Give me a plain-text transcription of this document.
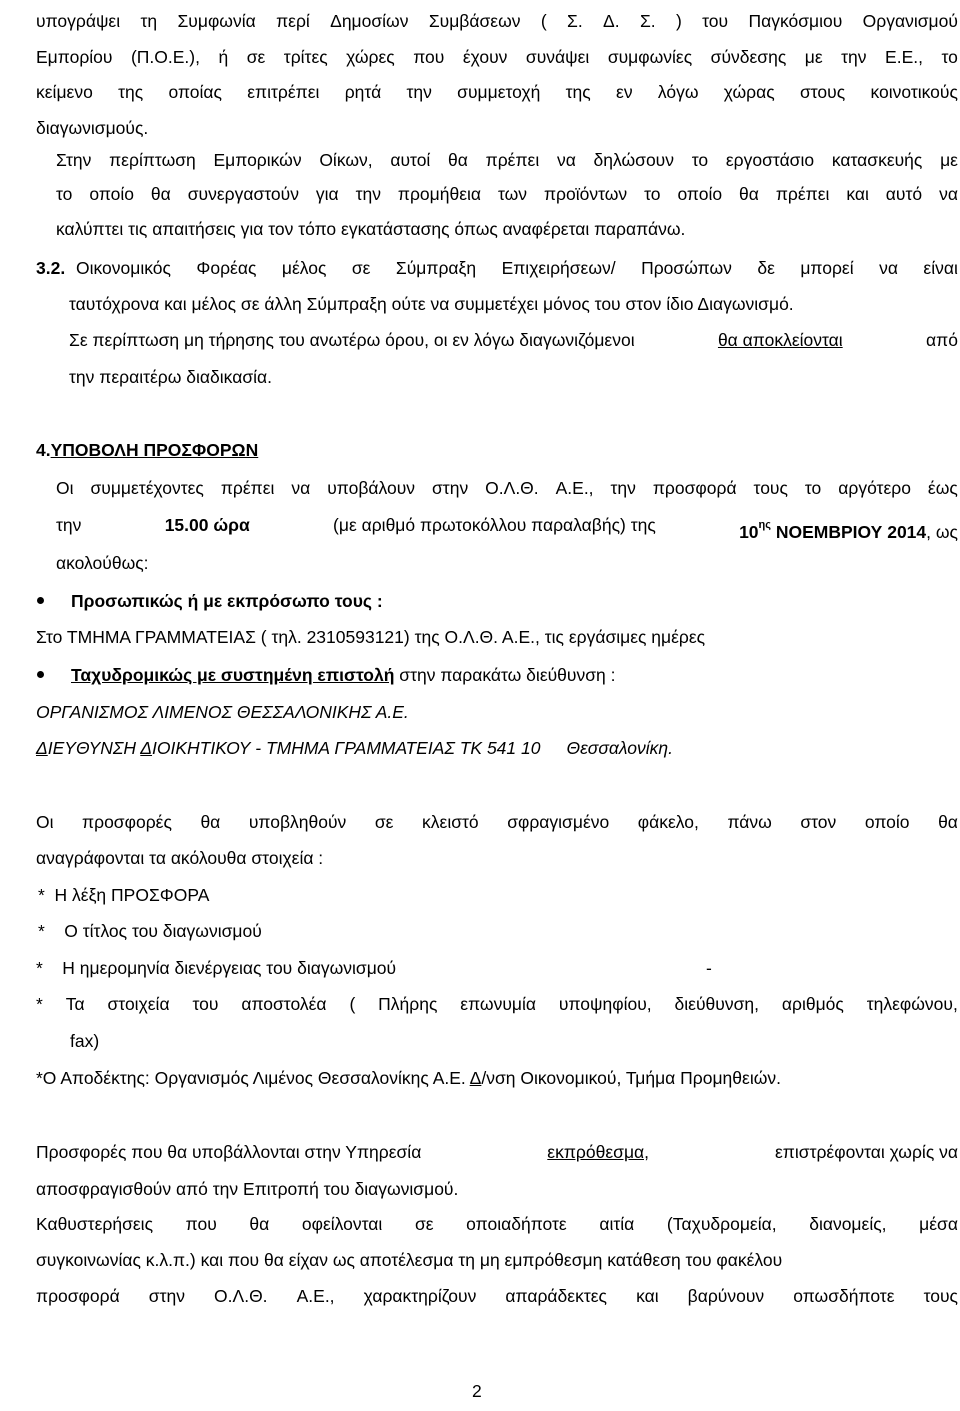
υπογράψει τη Συμφωνία περί Δημοσίων Συμβάσεων ( Σ. Δ. Σ. ) του Παγκόσμιου Οργανισμού
Εμπορίου (Π.Ο.Ε.), ή σε τρίτες χώρες που έχουν συνάψει συμφωνίες σύνδεσης με την Ε.Ε., το
κείμενο της οποίας επιτρέπει ρητά την συμμετοχή της εν λόγω χώρας στους κοινοτικούς
διαγωνισμούς.
Στην περίπτωση Εμπορικών Οίκων, αυτοί θα πρέπει να δηλώσουν το εργοστάσιο κατασκευής με
το οποίο θα συνεργαστούν για την προμήθεια των προϊόντων το οποίο θα πρέπει και αυτό να
καλύπτει τις απαιτήσεις για τον τόπο εγκατάστασης όπως αναφέρεται παραπάνω.
3.2. Οικονομικός Φορέας μέλος σε Σύμπραξη Επιχειρήσεων/ Προσώπων δε μπορεί να είναι
ταυτόχρονα και μέλος σε άλλη Σύμπραξη ούτε να συμμετέχει μόνος του στον ίδιο Διαγωνισμό.
Σε περίπτωση μη τήρησης του ανωτέρω όρου, οι εν λόγω διαγωνιζόμενοι	θα αποκλείονται	από
την περαιτέρω διαδικασία.
4.ΥΠΟΒΟΛΗ ΠΡΟΣΦΟΡΩΝ
Οι συμμετέχοντες πρέπει να υποβάλουν στην Ο.Λ.Θ. Α.Ε., την προσφορά τους το αργότερο έως
την	15.00 ώρα	(με αριθμό πρωτοκόλλου παραλαβής) της	$10^{\eta\varsigma}$ ΝΟΕΜΒΡΙΟΥ 2014, ως
ακολούθως:
Προσωπικώς ή με εκπρόσωπο τους :
Στο ΤΜΗΜΑ ΓΡΑΜΜΑΤΕΙΑΣ ( τηλ. 2310593121) της Ο.Λ.Θ. Α.Ε., τις εργάσιμες ημέρες
Ταχυδρομικώς με συστημένη επιστολή στην παρακάτω διεύθυνση :
ΟΡΓΑΝΙΣΜΟΣ ΛΙΜΕΝΟΣ ΘΕΣΣΑΛΟΝΙΚΗΣ Α.Ε.
ΔΙΕΥΘΥΝΣΗ ΔΙΟΙΚΗΤΙΚΟΥ - ΤΜΗΜΑ ΓΡΑΜΜΑΤΕΙΑΣ ΤΚ 541 10 Θεσσαλονίκη.
Οι προσφορές θα υποβληθούν σε κλειστό σφραγισμένο φάκελο, πάνω στον οποίο θα
αναγράφονται τα ακόλουθα στοιχεία :
*  Η λέξη ΠΡΟΣΦΟΡΑ
*    Ο τίτλος του διαγωνισμού
*    Η ημερομηνία διενέργειας του διαγωνισμού	-
* Τα στοιχεία του αποστολέα ( Πλήρης επωνυμία υποψηφίου, διεύθυνση, αριθμός τηλεφώνου,
fax)
*Ο Αποδέκτης: Οργανισμός Λιμένος Θεσσαλονίκης Α.Ε. Δ/νση Οικονομικού, Τμήμα Προμηθειών.
Προσφορές που θα υποβάλλονται στην Υπηρεσία	εκπρόθεσμα,	επιστρέφονται χωρίς να
αποσφραγισθούν από την Επιτροπή του διαγωνισμού.
Καθυστερήσεις που θα οφείλονται σε οποιαδήποτε αιτία (Ταχυδρομεία, διανομείς, μέσα
συγκοινωνίας κ.λ.π.) και που θα είχαν ως αποτέλεσμα τη μη εμπρόθεσμη κατάθεση του φακέλου
προσφορά στην Ο.Λ.Θ. Α.Ε., χαρακτηρίζουν απαράδεκτες και βαρύνουν οπωσδήποτε τους
2
